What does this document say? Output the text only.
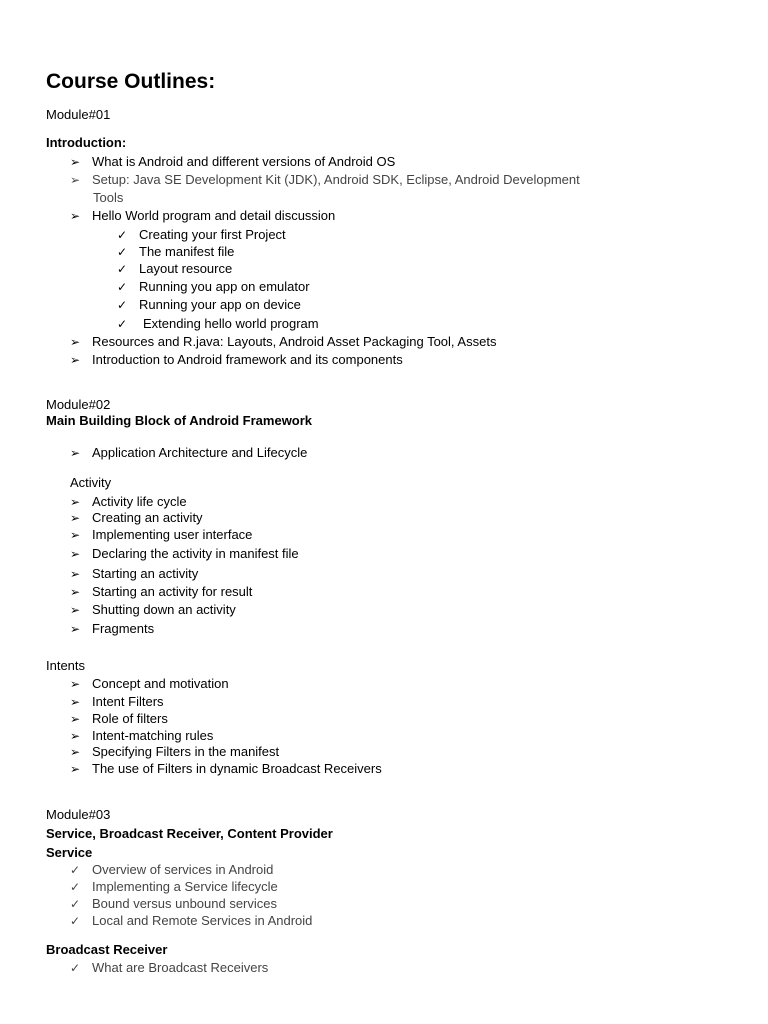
Course Outlines:
Module#01
Introduction:
➢ What is Android and different versions of Android OS
➢ Setup: Java SE Development Kit (JDK), Android SDK, Eclipse, Android Development
Tools
➢ Hello World program and detail discussion
✓ Creating your first Project
✓ The manifest file
✓ Layout resource
✓ Running you app on emulator
✓ Running your app on device
✓ Extending hello world program
➢ Resources and R.java: Layouts, Android Asset Packaging Tool, Assets
➢ Introduction to Android framework and its components
Module#02
Main Building Block of Android Framework
➢ Application Architecture and Lifecycle
Activity
➢ Activity life cycle
➢ Creating an activity
➢ Implementing user interface
➢ Declaring the activity in manifest file
➢ Starting an activity
➢ Starting an activity for result
➢ Shutting down an activity
➢ Fragments
Intents
➢ Concept and motivation
➢ Intent Filters
➢ Role of filters
➢ Intent-matching rules
➢ Specifying Filters in the manifest
➢ The use of Filters in dynamic Broadcast Receivers
Module#03
Service, Broadcast Receiver, Content Provider
Service
✓ Overview of services in Android
✓ Implementing a Service lifecycle
✓ Bound versus unbound services
✓ Local and Remote Services in Android
Broadcast Receiver
✓ What are Broadcast Receivers
